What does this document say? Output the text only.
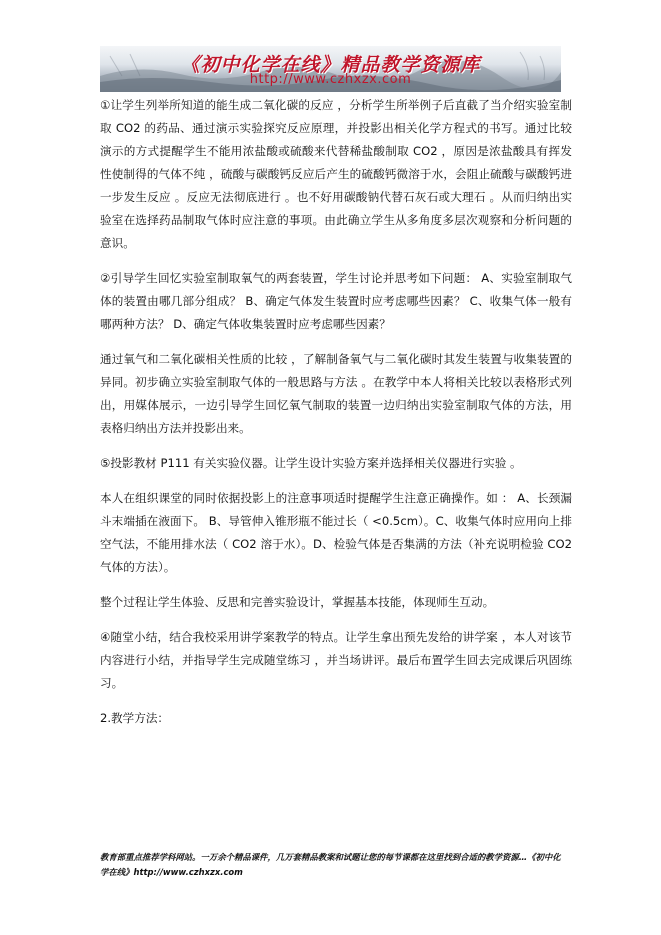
《初中化学在线》精品教学资源库
http://www.czhxzx.com

①让学生列举所知道的能生成二氧化碳的反应 ，分析学生所举例子后直截了当介绍实验室制取 CO2 的药品、通过演示实验探究反应原理，并投影出相关化学方程式的书写。通过比较演示的方式提醒学生不能用浓盐酸或硫酸来代替稀盐酸制取 CO2 ，原因是浓盐酸具有挥发性使制得的气体不纯 ，硫酸与碳酸钙反应后产生的硫酸钙微溶于水，会阻止硫酸与碳酸钙进一步发生反应 。反应无法彻底进行 。也不好用碳酸钠代替石灰石或大理石 。从而归纳出实验室在选择药品制取气体时应注意的事项。由此确立学生从多角度多层次观察和分析问题的意识。

②引导学生回忆实验室制取氧气的两套装置，学生讨论并思考如下问题： A、实验室制取气体的装置由哪几部分组成？ B、确定气体发生装置时应考虑哪些因素？ C、收集气体一般有哪两种方法？ D、确定气体收集装置时应考虑哪些因素？

通过氧气和二氧化碳相关性质的比较 ，了解制备氧气与二氧化碳时其发生装置与收集装置的异同。初步确立实验室制取气体的一般思路与方法 。在教学中本人将相关比较以表格形式列出，用媒体展示，一边引导学生回忆氧气制取的装置一边归纳出实验室制取气体的方法，用表格归纳出方法并投影出来。

⑤投影教材 P111 有关实验仪器。让学生设计实验方案并选择相关仪器进行实验 。

本人在组织课堂的同时依据投影上的注意事项适时提醒学生注意正确操作。如 ： A、长颈漏斗末端插在液面下。 B、导管伸入锥形瓶不能过长（ <0.5cm）。C、收集气体时应用向上排空气法，不能用排水法（ CO2 溶于水）。D、检验气体是否集满的方法（补充说明检验 CO2 气体的方法）。

整个过程让学生体验、反思和完善实验设计，掌握基本技能，体现师生互动。

④随堂小结，结合我校采用讲学案教学的特点。让学生拿出预先发给的讲学案 ，本人对该节内容进行小结，并指导学生完成随堂练习 ，并当场讲评。最后布置学生回去完成课后巩固练习。

2.教学方法：

教育部重点推荐学科网站。一万余个精品课件，几万套精品教案和试题让您的每节课都在这里找到合适的教学资源…《初中化学在线》http://www.czhxzx.com
